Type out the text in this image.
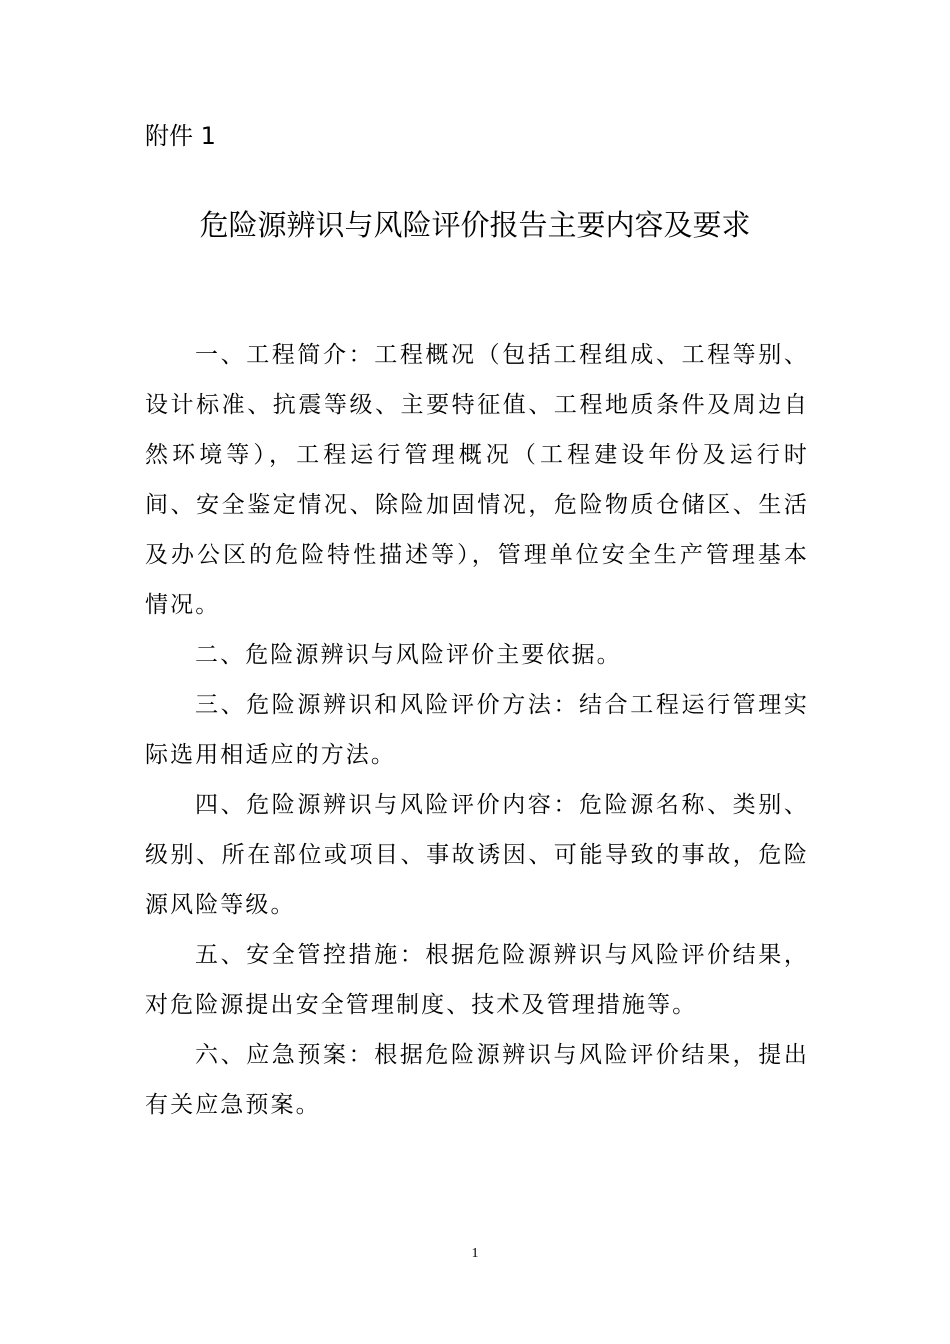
附件 1

危险源辨识与风险评价报告主要内容及要求

一、工程简介：工程概况（包括工程组成、工程等别、设计标准、抗震等级、主要特征值、工程地质条件及周边自然环境等），工程运行管理概况（工程建设年份及运行时间、安全鉴定情况、除险加固情况，危险物质仓储区、生活及办公区的危险特性描述等），管理单位安全生产管理基本情况。

二、危险源辨识与风险评价主要依据。

三、危险源辨识和风险评价方法：结合工程运行管理实际选用相适应的方法。

四、危险源辨识与风险评价内容：危险源名称、类别、级别、所在部位或项目、事故诱因、可能导致的事故，危险源风险等级。

五、安全管控措施：根据危险源辨识与风险评价结果，对危险源提出安全管理制度、技术及管理措施等。

六、应急预案：根据危险源辨识与风险评价结果，提出有关应急预案。

1
